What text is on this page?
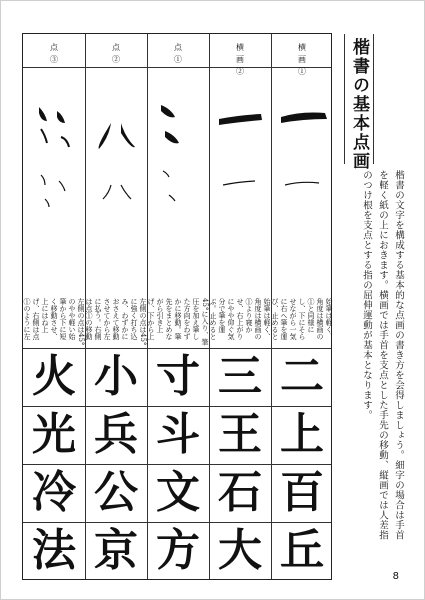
横画①
横画②
点①
点②
点③

始筆は軽く、角度は横画の①と同様にし、下にそらせながら一気に右へ筆を運び、止めると

始筆は軽く、角度は横画の①より寝かせ、右上がりにやや仰ぐ気分で筆を運ぶ。止めると

45°に入り、筆圧を加え筆した方向をわずかに移動。筆先をまとめながら引き上げ、下から上

左側の点は45°に強く打ち込み、わずかにおさえて移動させてから左に払う。右側は点①の移動

左側の点は45°のやや軽い始筆から下に短く移動させ、上にはね上げ、右側は点①のように左

二
上
百
丘
三
王
石
大
寸
斗
文
方
小
兵
公
京
火
光
冷
法
楷書の基本点画

楷書の文字を構成する基本的な点画の書き方を会得しましょう。細字の場合は手首を軽く紙の上におきます。横画では手首を支点とした手先の移動、縦画では人差指のつけ根を支点とする指の屈伸運動が基本となります。

8
